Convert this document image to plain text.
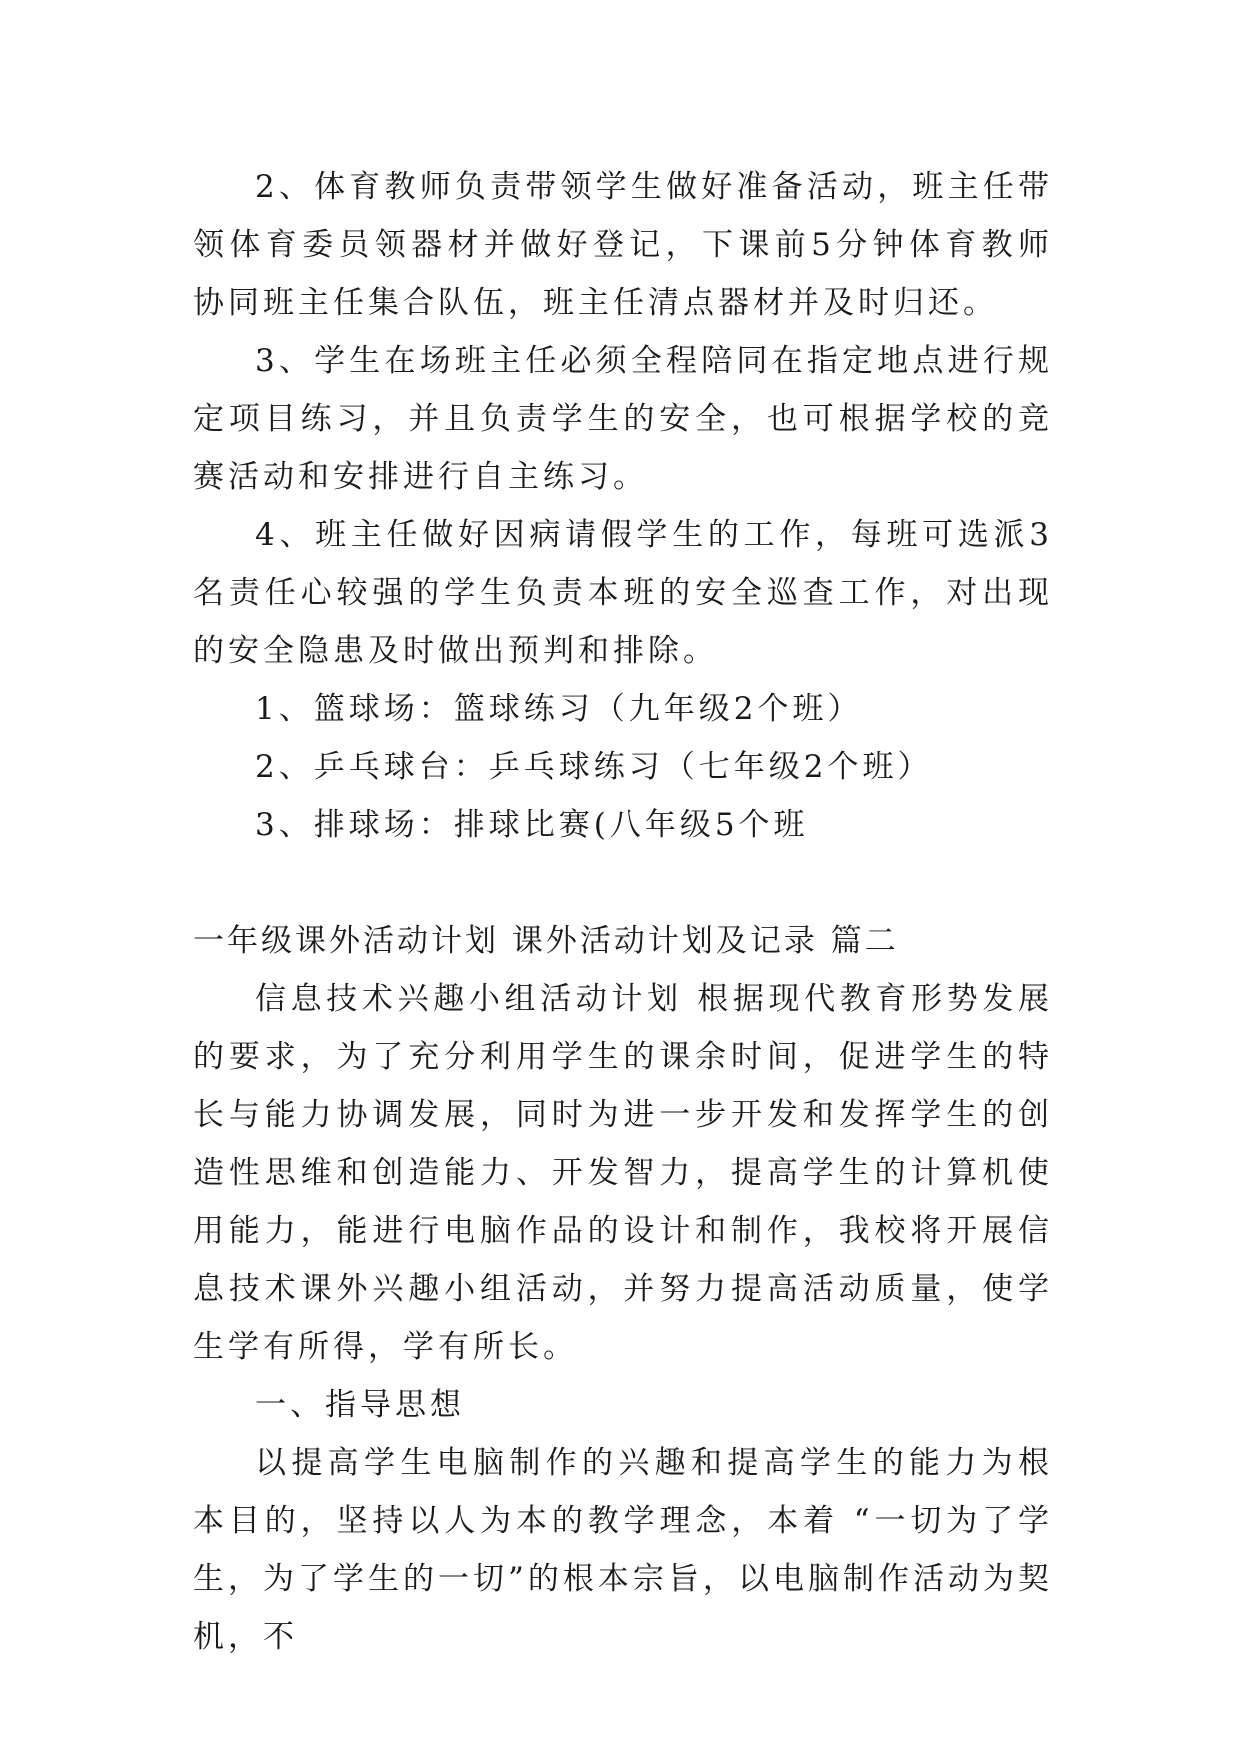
2、体育教师负责带领学生做好准备活动，班主任带领体育委员领器材并做好登记，下课前5分钟体育教师协同班主任集合队伍，班主任清点器材并及时归还。

3、学生在场班主任必须全程陪同在指定地点进行规定项目练习，并且负责学生的安全，也可根据学校的竞赛活动和安排进行自主练习。

4、班主任做好因病请假学生的工作，每班可选派3名责任心较强的学生负责本班的安全巡查工作，对出现的安全隐患及时做出预判和排除。

1、篮球场：篮球练习（九年级2个班）

2、乒乓球台：乒乓球练习（七年级2个班）

3、排球场：排球比赛(八年级5个班

一年级课外活动计划 课外活动计划及记录 篇二

信息技术兴趣小组活动计划 根据现代教育形势发展的要求，为了充分利用学生的课余时间，促进学生的特长与能力协调发展，同时为进一步开发和发挥学生的创造性思维和创造能力、开发智力，提高学生的计算机使用能力，能进行电脑作品的设计和制作，我校将开展信息技术课外兴趣小组活动，并努力提高活动质量，使学生学有所得，学有所长。

一、指导思想

以提高学生电脑制作的兴趣和提高学生的能力为根本目的，坚持以人为本的教学理念，本着 “一切为了学生，为了学生的一切”的根本宗旨，以电脑制作活动为契机，不
